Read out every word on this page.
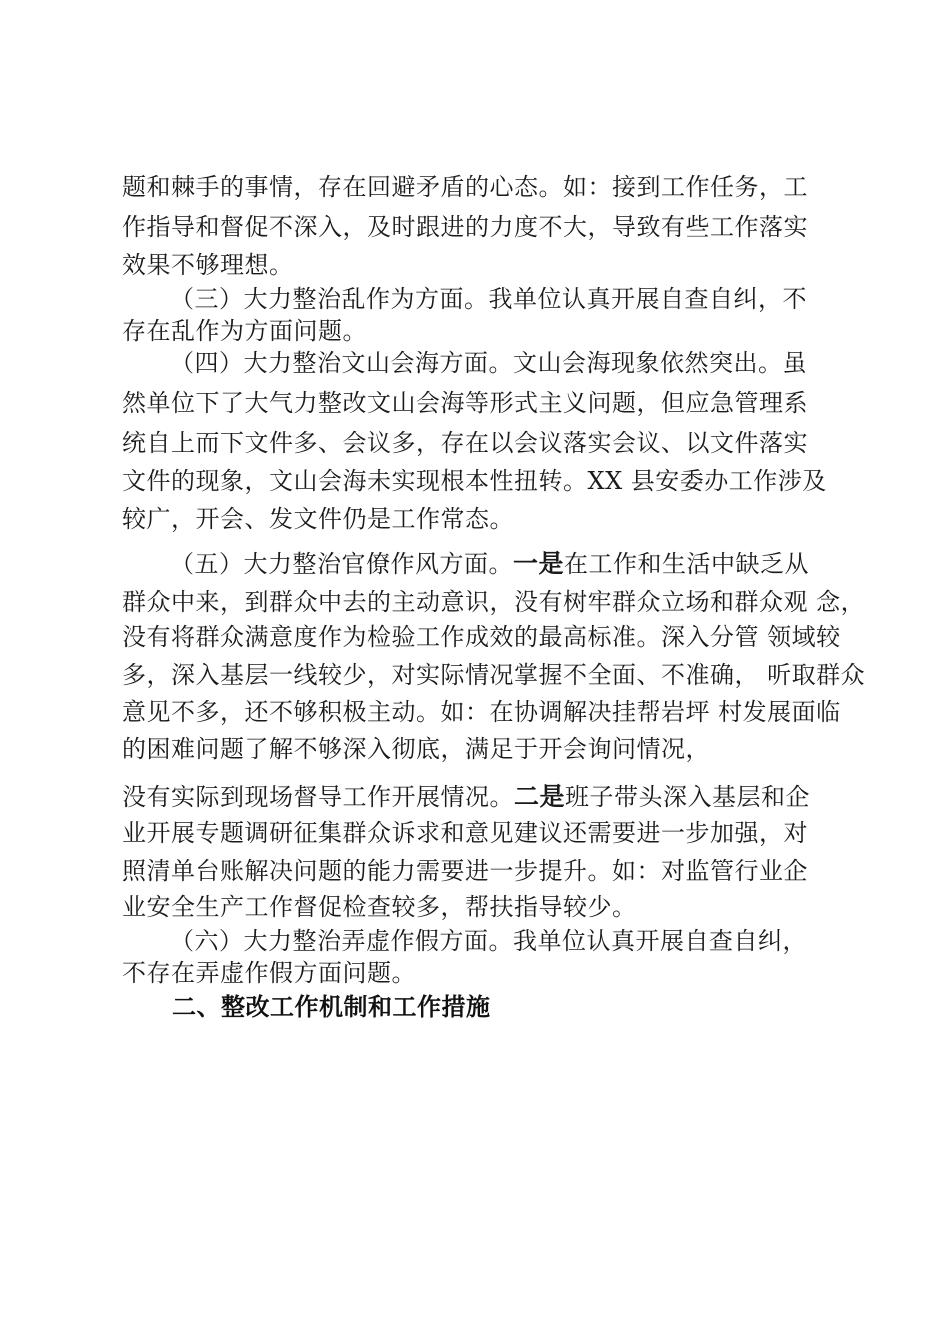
题和棘手的事情，存在回避矛盾的心态。如：接到工作任务，工
作指导和督促不深入，及时跟进的力度不大，导致有些工作落实
效果不够理想。
（三）大力整治乱作为方面。我单位认真开展自查自纠，不
存在乱作为方面问题。
（四）大力整治文山会海方面。文山会海现象依然突出。虽
然单位下了大气力整改文山会海等形式主义问题，但应急管理系
统自上而下文件多、会议多，存在以会议落实会议、以文件落实
文件的现象，文山会海未实现根本性扭转。XX 县安委办工作涉及
较广，开会、发文件仍是工作常态。
（五）大力整治官僚作风方面。一是在工作和生活中缺乏从
群众中来，到群众中去的主动意识，没有树牢群众立场和群众观 念，
没有将群众满意度作为检验工作成效的最高标准。深入分管 领域较
多，深入基层一线较少，对实际情况掌握不全面、不准确， 听取群众
意见不多，还不够积极主动。如：在协调解决挂帮岩坪 村发展面临
的困难问题了解不够深入彻底，满足于开会询问情况，
没有实际到现场督导工作开展情况。二是班子带头深入基层和企
业开展专题调研征集群众诉求和意见建议还需要进一步加强，对
照清单台账解决问题的能力需要进一步提升。如：对监管行业企
业安全生产工作督促检查较多，帮扶指导较少。
（六）大力整治弄虚作假方面。我单位认真开展自查自纠，
不存在弄虚作假方面问题。
二、整改工作机制和工作措施
